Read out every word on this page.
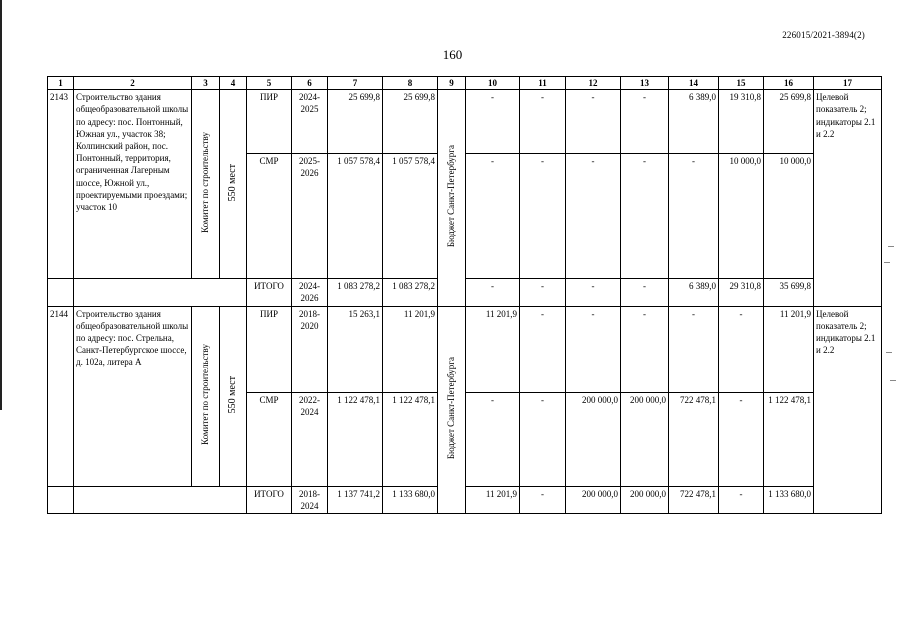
226015/2021-3894(2)
160
1	2	3	4	5	6	7	8	9	10	11	12	13	14	15	16	17
2143	Строительство здания общеобразовательной школы по адресу: пос. Понтонный, Южная ул., участок 38; Колпинский район, пос. Понтонный, территория, ограниченная Лагерным шоссе, Южной ул., проектируемыми проездами; участок 10	Комитет по строительству	550 мест	ПИР	2024-2025	25 699,8	25 699,8	Бюджет Санкт-Петербурга	-	-	-	-	6 389,0	19 310,8	25 699,8	Целевой показатель 2; индикаторы 2.1 и 2.2
				СМР	2025-2026	1 057 578,4	1 057 578,4		-	-	-	-	-	10 000,0	10 000,0	
				ИТОГО	2024-2026	1 083 278,2	1 083 278,2		-	-	-	-	6 389,0	29 310,8	35 699,8	
2144	Строительство здания общеобразовательной школы по адресу: пос. Стрельна, Санкт-Петербургское шоссе, д. 102а, литера А	Комитет по строительству	550 мест	ПИР	2018-2020	15 263,1	11 201,9	Бюджет Санкт-Петербурга	11 201,9	-	-	-	-	-	11 201,9	Целевой показатель 2; индикаторы 2.1 и 2.2
				СМР	2022-2024	1 122 478,1	1 122 478,1		-	-	200 000,0	200 000,0	722 478,1	-	1 122 478,1	
				ИТОГО	2018-2024	1 137 741,2	1 133 680,0		11 201,9	-	200 000,0	200 000,0	722 478,1	-	1 133 680,0	
